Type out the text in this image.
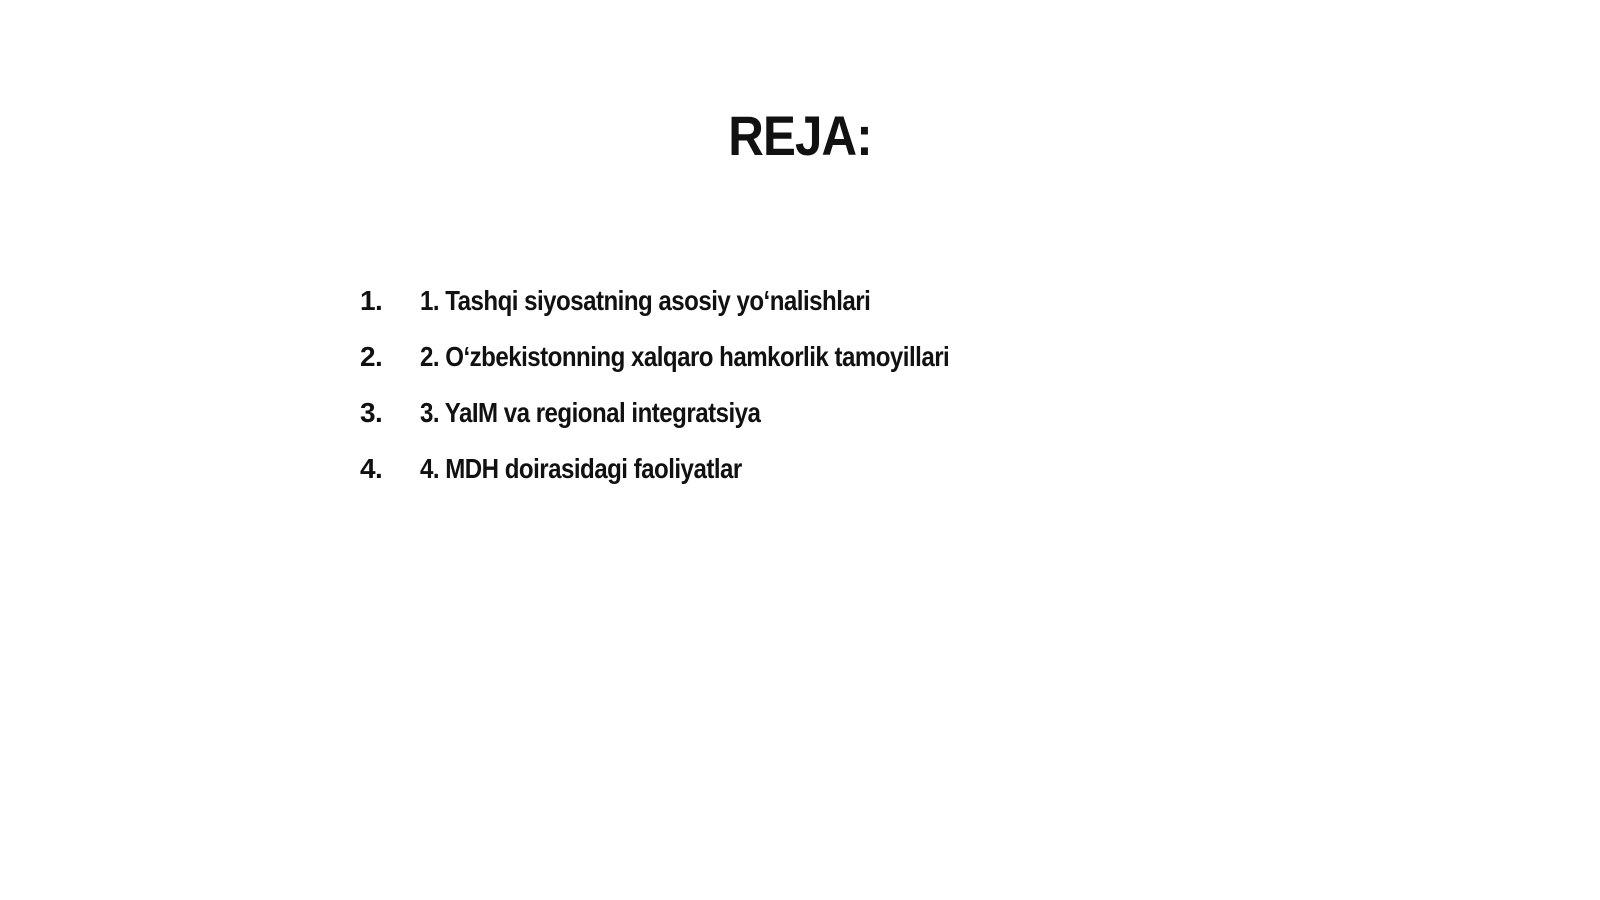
REJA:
1.	1. Tashqi siyosatning asosiy yo‘nalishlari
2.	2. O‘zbekistonning xalqaro hamkorlik tamoyillari
3.	3. YaIM va regional integratsiya
4.	4. MDH doirasidagi faoliyatlar
